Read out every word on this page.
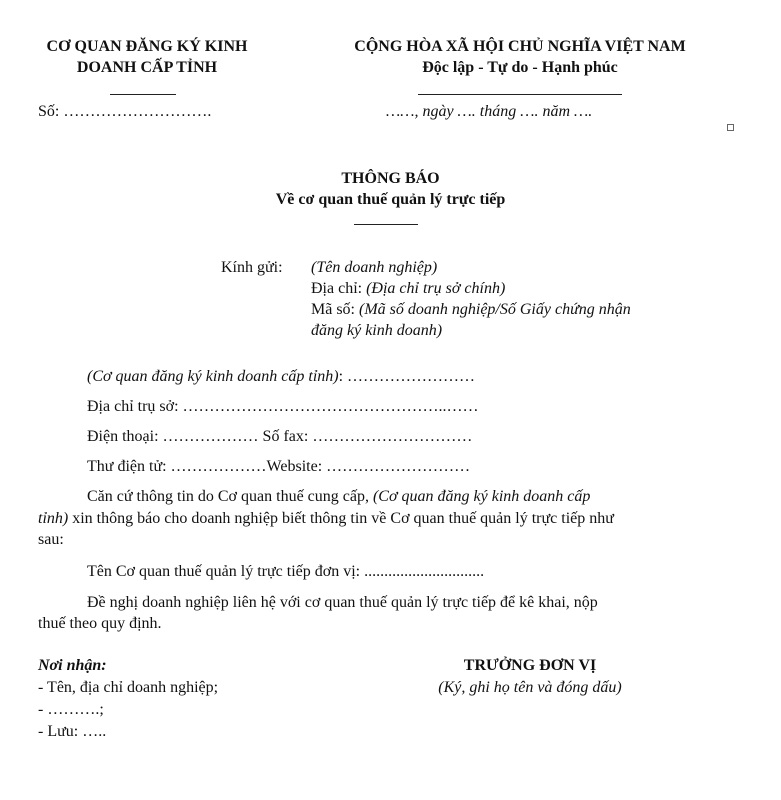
CƠ QUAN ĐĂNG KÝ KINH
DOANH CẤP TỈNH
Số: ……………………….
CỘNG HÒA XÃ HỘI CHỦ NGHĨA VIỆT NAM
Độc lập - Tự do - Hạnh phúc
……, ngày …. tháng …. năm ….
THÔNG BÁO
Về cơ quan thuế quản lý trực tiếp
Kính gửi: (Tên doanh nghiệp)
Địa chỉ: (Địa chỉ trụ sở chính)
Mã số: (Mã số doanh nghiệp/Số Giấy chứng nhận
đăng ký kinh doanh)
(Cơ quan đăng ký kinh doanh cấp tỉnh): ……………………
Địa chỉ trụ sở: …………………………………………..……
Điện thoại: ……………… Số fax: …………………………
Thư điện tử: ………………Website: ………………………
Căn cứ thông tin do Cơ quan thuế cung cấp, (Cơ quan đăng ký kinh doanh cấp
tỉnh) xin thông báo cho doanh nghiệp biết thông tin về Cơ quan thuế quản lý trực tiếp như
sau:
Tên Cơ quan thuế quản lý trực tiếp đơn vị: ..............................
Đề nghị doanh nghiệp liên hệ với cơ quan thuế quản lý trực tiếp để kê khai, nộp
thuế theo quy định.
Nơi nhận:
- Tên, địa chỉ doanh nghiệp;
- ……….;
- Lưu: …..
TRƯỞNG ĐƠN VỊ
(Ký, ghi họ tên và đóng dấu)
